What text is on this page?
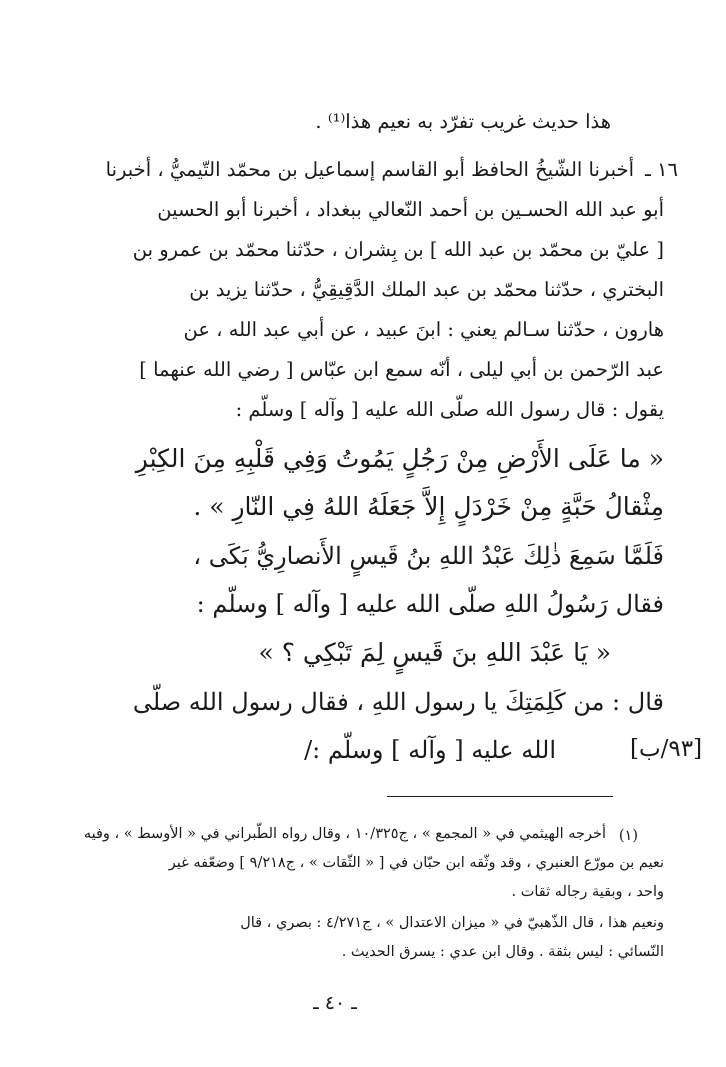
هذا حديث غريب تفرّد به نعيم هذا⁽¹⁾ .
١٦ ـ
أخبرنا الشّيخُ الحافظ أبو القاسم إسماعيل بن محمّد التّيميُّ ، أخبرنا
أبو عبد الله الحسـين بن أحمد النّعالي ببغداد ، أخبرنا أبو الحسين
[ عليّ بن محمّد بن عبد الله ] بن بِشران ، حدّثنا محمّد بن عمرو بن
البختري ، حدّثنا محمّد بن عبد الملك الدَّقِيقِيُّ ، حدّثنا يزيد بن
هارون ، حدّثنا سـالم يعني : ابنَ عبيد ، عن أبي عبد الله ، عن
عبد الرّحمن بن أبي ليلى ، أنّه سمع ابن عبّاس [ رضي الله عنهما ]
يقول : قال رسول الله صلّى الله عليه [ وآله ] وسلّم :
« ما عَلَى الأَرْضِ مِنْ رَجُلٍ يَمُوتُ وَفِي قَلْبِهِ مِنَ الكِبْرِ
مِثْقالُ حَبَّةٍ مِنْ خَرْدَلٍ إِلاَّ جَعَلَهُ اللهُ فِي النّارِ » .
فَلَمَّا سَمِعَ ذٰلِكَ عَبْدُ اللهِ بنُ قَيسٍ الأَنصارِيُّ بَكَى ،
فقال رَسُولُ اللهِ صلّى الله عليه [ وآله ] وسلّم :
« يَا عَبْدَ اللهِ بنَ قَيسٍ لِمَ تَبْكِي ؟ »
قال : من كَلِمَتِكَ يا رسول اللهِ ، فقال رسول الله صلّى
الله عليه [ وآله ] وسلّم :/	[٩٣/ب]
(١)
أخرجه الهيثمي في « المجمع » ، ج١٠/٣٢٥ ، وقال رواه الطّبراني في « الأوسط » ، وفيه
نعيم بن مورّع العنبري ، وقد وثّقه ابن حبّان في [ « الثّقات » ، ج٩/٢١٨ ] وضعّفه غير
واحد ، وبقية رجاله ثقات .
ونعيم هذا ، قال الذّهبيّ في « ميزان الاعتدال » ، ج٤/٢٧١ : بصري ، قال
النّسائي : ليس بثقة . وقال ابن عدي : يسرق الحديث .
ـ ٤٠ ـ
